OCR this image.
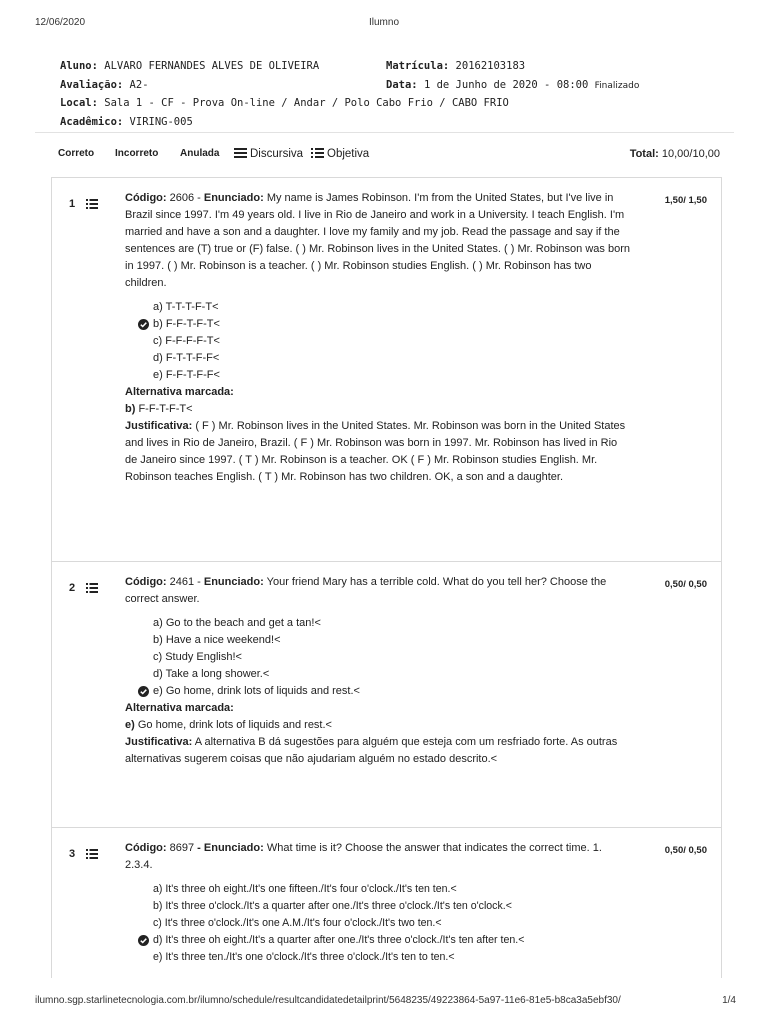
12/06/2020	Ilumno
Aluno: ALVARO FERNANDES ALVES DE OLIVEIRA	Matrícula: 20162103183
Avaliação: A2-	Data: 1 de Junho de 2020 - 08:00 Finalizado
Local: Sala 1 - CF - Prova On-line / Andar / Polo Cabo Frio / CABO FRIO
Acadêmico: VIRING-005
Correto Incorreto Anulada	Discursiva	Objetiva	Total: 10,00/10,00
1	1,50/ 1,50

Código: 2606 - Enunciado: My name is James Robinson. I'm from the United States, but I've live in Brazil since 1997. I'm 49 years old. I live in Rio de Janeiro and work in a University. I teach English. I'm married and have a son and a daughter. I love my family and my job. Read the passage and say if the sentences are (T) true or (F) false. ( ) Mr. Robinson lives in the United States. ( ) Mr. Robinson was born in 1997. ( ) Mr. Robinson is a teacher. ( ) Mr. Robinson studies English. ( ) Mr. Robinson has two children.

a) T-T-T-F-T<
b) F-F-T-F-T<
c) F-F-F-F-T<
d) F-T-T-F-F<
e) F-F-T-F-F<

Alternativa marcada:

b) F-F-T-F-T<

Justificativa: ( F ) Mr. Robinson lives in the United States. Mr. Robinson was born in the United States and lives in Rio de Janeiro, Brazil. ( F ) Mr. Robinson was born in 1997. Mr. Robinson has lived in Rio de Janeiro since 1997. ( T ) Mr. Robinson is a teacher. OK ( F ) Mr. Robinson studies English. Mr. Robinson teaches English. ( T ) Mr. Robinson has two children. OK, a son and a daughter.

2	0,50/ 0,50

Código: 2461 - Enunciado: Your friend Mary has a terrible cold. What do you tell her? Choose the correct answer.

a) Go to the beach and get a tan!<
b) Have a nice weekend!<
c) Study English!<
d) Take a long shower.<
e) Go home, drink lots of liquids and rest.<

Alternativa marcada:

e) Go home, drink lots of liquids and rest.<

Justificativa: A alternativa B dá sugestões para alguém que esteja com um resfriado forte. As outras alternativas sugerem coisas que não ajudariam alguém no estado descrito.<

3	0,50/ 0,50

Código: 8697 - Enunciado: What time is it? Choose the answer that indicates the correct time. 1. 2.3.4.

a) It's three oh eight./It's one fifteen./It's four o'clock./It's ten ten.<
b) It's three o'clock./It's a quarter after one./It's three o'clock./It's ten o'clock.<
c) It's three o'clock./It's one A.M./It's four o'clock./It's two ten.<
d) It's three oh eight./It's a quarter after one./It's three o'clock./It's ten after ten.<
e) It's three ten./It's one o'clock./It's three o'clock./It's ten to ten.<
ilumno.sgp.starlinetecnologia.com.br/ilumno/schedule/resultcandidatedetailprint/5648235/49223864-5a97-11e6-81e5-b8ca3a5ebf30/	1/4
